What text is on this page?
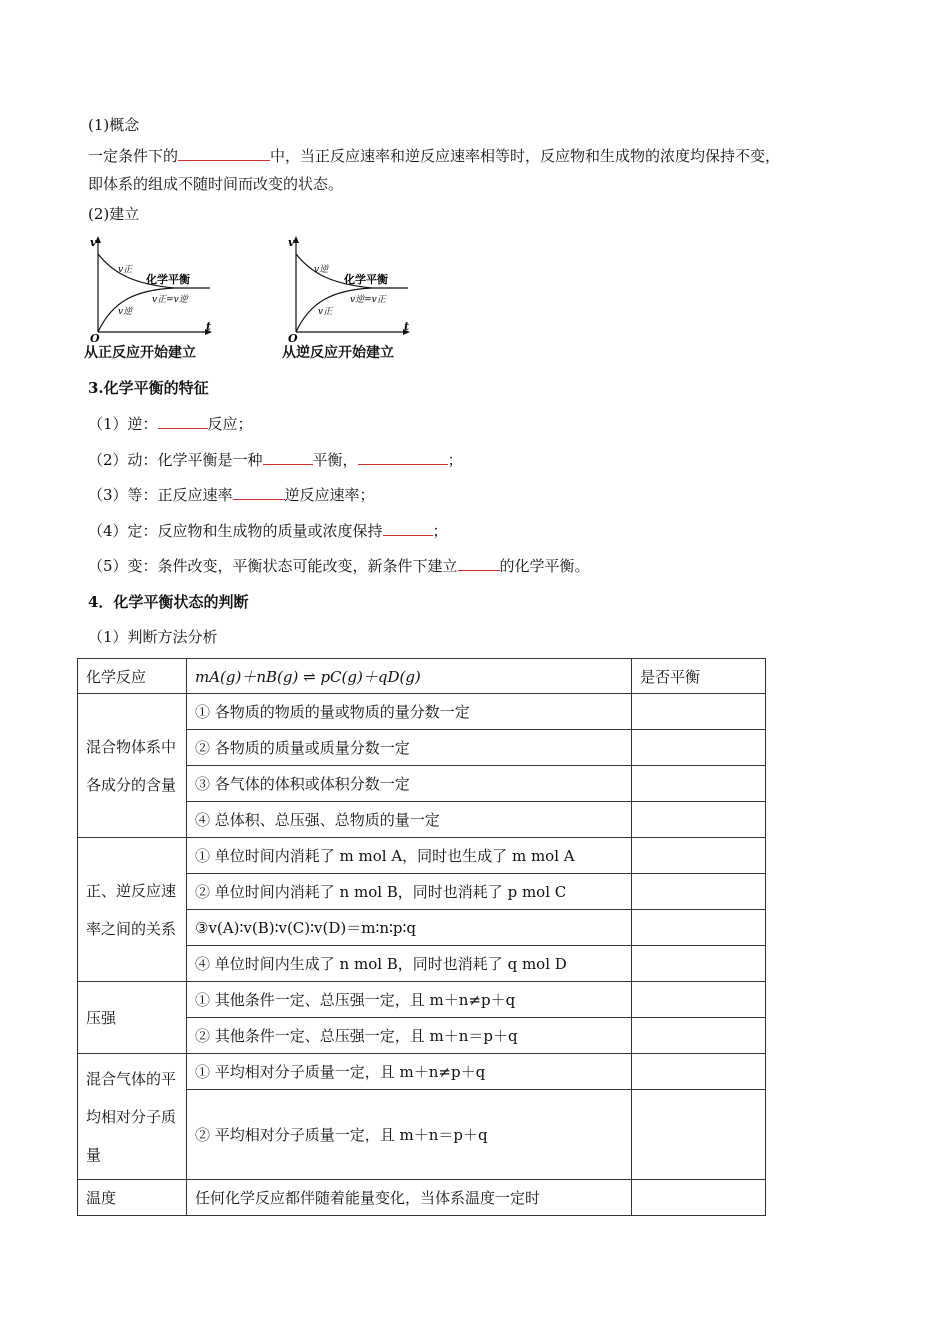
(1)概念
一定条件下的	中，当正反应速率和逆反应速率相等时，反应物和生成物的浓度均保持不变，
即体系的组成不随时间而改变的状态。
(2)建立
v
t
O
v正
v逆
化学平衡
v正=v逆
从正反应开始建立
v
t
O
v逆
v正
化学平衡
v逆=v正
从逆反应开始建立
3.化学平衡的特征
（1）逆：	反应；
（2）动：化学平衡是一种	平衡，	；
（3）等：正反应速率	逆反应速率；
（4）定：反应物和生成物的质量或浓度保持	；
（5）变：条件改变，平衡状态可能改变，新条件下建立	的化学平衡。
4．化学平衡状态的判断
（1）判断方法分析
化学反应	mA(g)＋nB(g) ⇌ pC(g)＋qD(g)	是否平衡
混合物体系中各成分的含量	① 各物质的物质的量或物质的量分数一定	
	② 各物质的质量或质量分数一定	
	③ 各气体的体积或体积分数一定	
	④ 总体积、总压强、总物质的量一定	
正、逆反应速率之间的关系	① 单位时间内消耗了 m mol A，同时也生成了 m mol A	
	② 单位时间内消耗了 n mol B，同时也消耗了 p mol C	
	③v(A)∶v(B)∶v(C)∶v(D)＝m∶n∶p∶q	
	④ 单位时间内生成了 n mol B，同时也消耗了 q mol D	
压强	① 其他条件一定、总压强一定，且 m＋n≠p＋q	
	② 其他条件一定、总压强一定，且 m＋n＝p＋q	
混合气体的平均相对分子质量	① 平均相对分子质量一定，且 m＋n≠p＋q	
	② 平均相对分子质量一定，且 m＋n＝p＋q	
温度	任何化学反应都伴随着能量变化，当体系温度一定时	
